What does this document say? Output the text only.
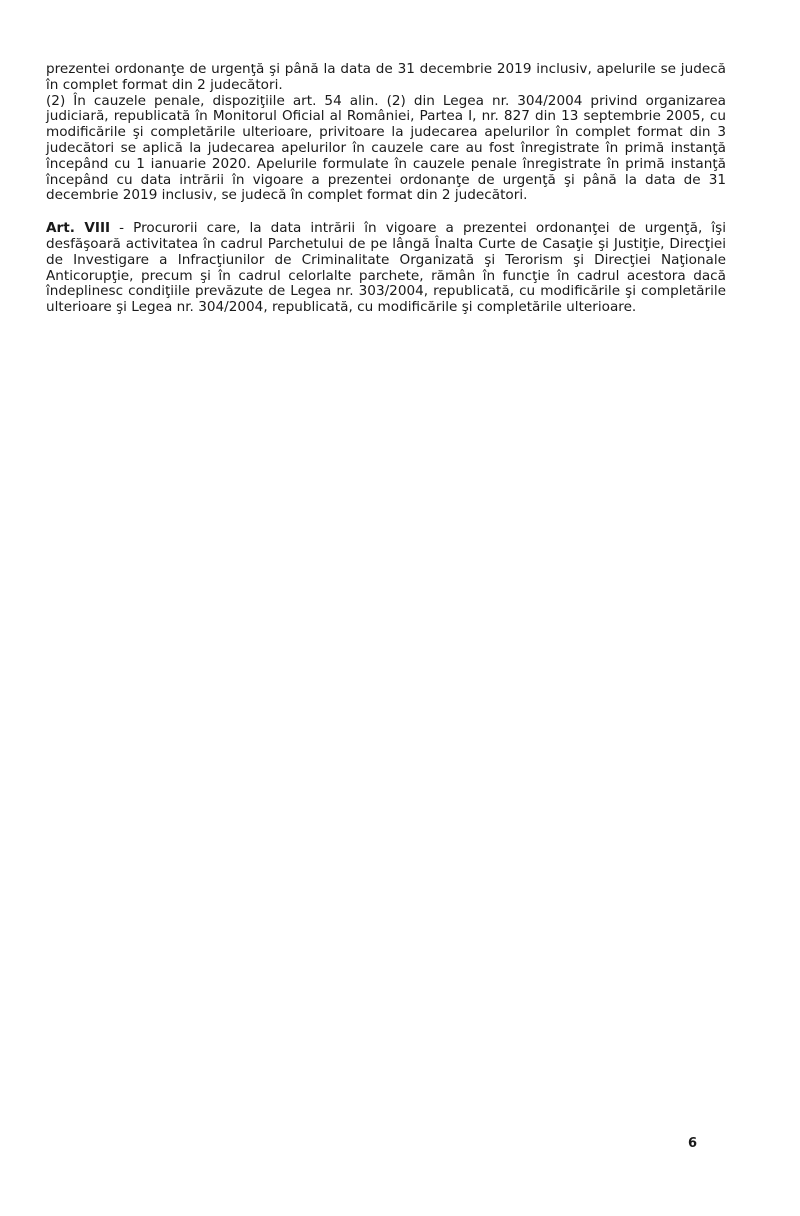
prezentei ordonanţe de urgenţă şi până la data de 31 decembrie 2019 inclusiv, apelurile se judecă în complet format din 2 judecători.

(2) În cauzele penale, dispoziţiile art. 54 alin. (2) din Legea nr. 304/2004 privind organizarea judiciară, republicată în Monitorul Oficial al României, Partea I, nr. 827 din 13 septembrie 2005, cu modificările şi completările ulterioare, privitoare la judecarea apelurilor în complet format din 3 judecători se aplică la judecarea apelurilor în cauzele care au fost înregistrate în primă instanţă începând cu 1 ianuarie 2020. Apelurile formulate în cauzele penale înregistrate în primă instanţă începând cu data intrării în vigoare a prezentei ordonanţe de urgenţă şi până la data de 31 decembrie 2019 inclusiv, se judecă în complet format din 2 judecători.

Art. VIII - Procurorii care, la data intrării în vigoare a prezentei ordonanţei de urgenţă, îşi desfăşoară activitatea în cadrul Parchetului de pe lângă Înalta Curte de Casaţie şi Justiţie, Direcţiei de Investigare a Infracţiunilor de Criminalitate Organizată şi Terorism şi Direcţiei Naţionale Anticorupţie, precum şi în cadrul celorlalte parchete, rămân în funcţie în cadrul acestora dacă îndeplinesc condiţiile prevăzute de Legea nr. 303/2004, republicată, cu modificările şi completările ulterioare şi Legea nr. 304/2004, republicată, cu modificările şi completările ulterioare.

6
